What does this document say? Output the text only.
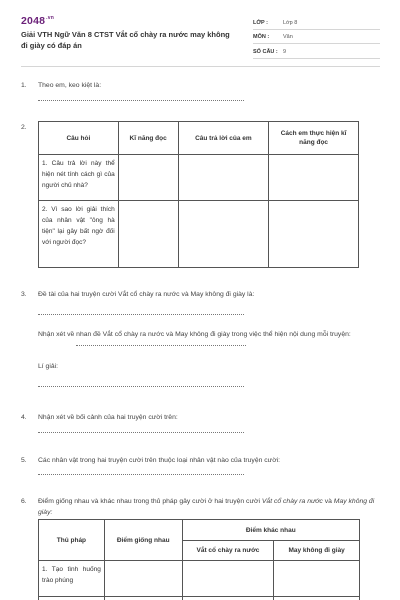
$2048^{.vn}$
Giải VTH Ngữ Văn 8 CTST Vắt cổ chày ra nước may không đi giày có đáp án
LỚP :	Lớp 8
MÔN :	Văn
SỐ CÂU : 9
1. Theo em, keo kiệt là:
2.
Câu hỏi	Kĩ năng đọc	Câu trả lời của em	Cách em thực hiện kĩ năng đọc
1. Câu trả lời này thể hiện nét tính cách gì của người chủ nhà?			
2. Vì sao lời giải thích của nhân vật "ông hà tiện" lại gây bất ngờ đối với người đọc?			
3. Đề tài của hai truyện cười Vắt cổ chày ra nước và May không đi giày là:
Nhận xét về nhan đề Vắt cổ chày ra nước và May không đi giày trong việc thể hiện nội dung mỗi truyện:
Lí giải:
4. Nhận xét về bối cảnh của hai truyện cười trên:
5. Các nhân vật trong hai truyện cười trên thuộc loại nhân vật nào của truyện cười:
6. Điểm giống nhau và khác nhau trong thủ pháp gây cười ở hai truyện cười Vắt cổ chày ra nước và May không đi giày:
Thủ pháp	Điểm giống nhau	Điểm khác nhau	
		Vắt cổ chày ra nước	May không đi giày
1. Tạo tình huống trào phúng			
